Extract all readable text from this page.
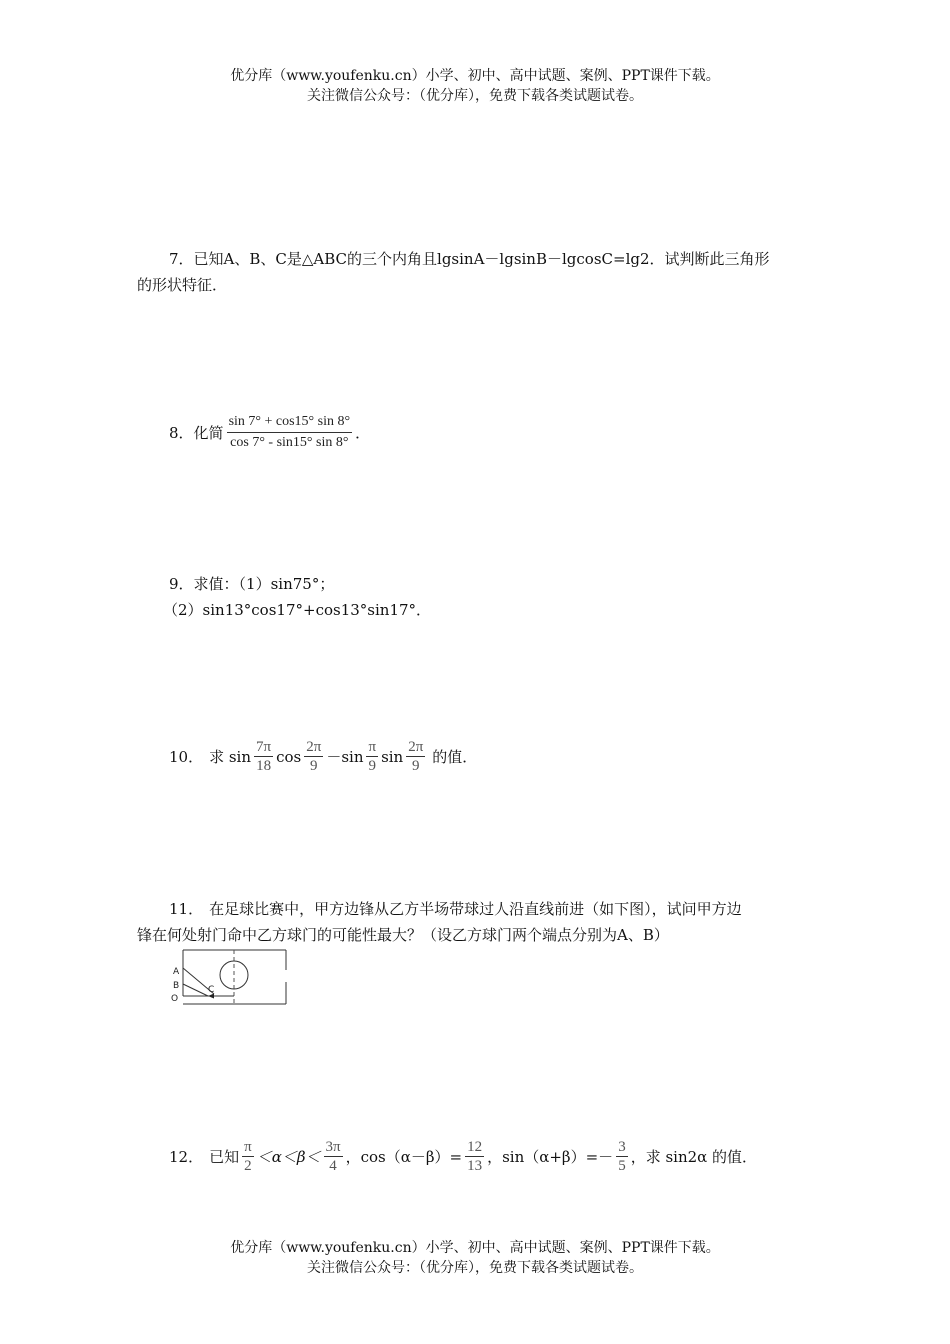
优分库（www.youfenku.cn）小学、初中、高中试题、案例、PPT课件下载。
关注微信公众号：（优分库），免费下载各类试题试卷。
7．已知A、B、C是△ABC的三个内角且lgsinA－lgsinB－lgcosC=lg2．试判断此三角形
的形状特征．
8． 化简 $\frac{\sin 7^\circ + \cos 15^\circ \sin 8^\circ}{\cos 7^\circ - \sin 15^\circ \sin 8^\circ}$ ．
9．求值：（1）sin75°；
（2）sin13°cos17°+cos13°sin17°．
10． 求 $\sin \frac{7\pi}{18}$ $\cos \frac{2\pi}{9} -\sin \frac{\pi}{9}$ $\sin \frac{2\pi}{9}$ 的值．
11． 在足球比赛中，甲方边锋从乙方半场带球过人沿直线前进（如下图），试问甲方边
锋在何处射门命中乙方球门的可能性最大？（设乙方球门两个端点分别为A、B）
A
B
O
C
12． 已知 $\frac{\pi}{2} <\alpha<\beta< \frac{3\pi}{4}$ ，$\cos(\alpha-\beta)= \frac{12}{13}$ ，$\sin(\alpha+\beta)=- \frac{3}{5}$ ，求 sin2α 的值．
优分库（www.youfenku.cn）小学、初中、高中试题、案例、PPT课件下载。
关注微信公众号：（优分库），免费下载各类试题试卷。
